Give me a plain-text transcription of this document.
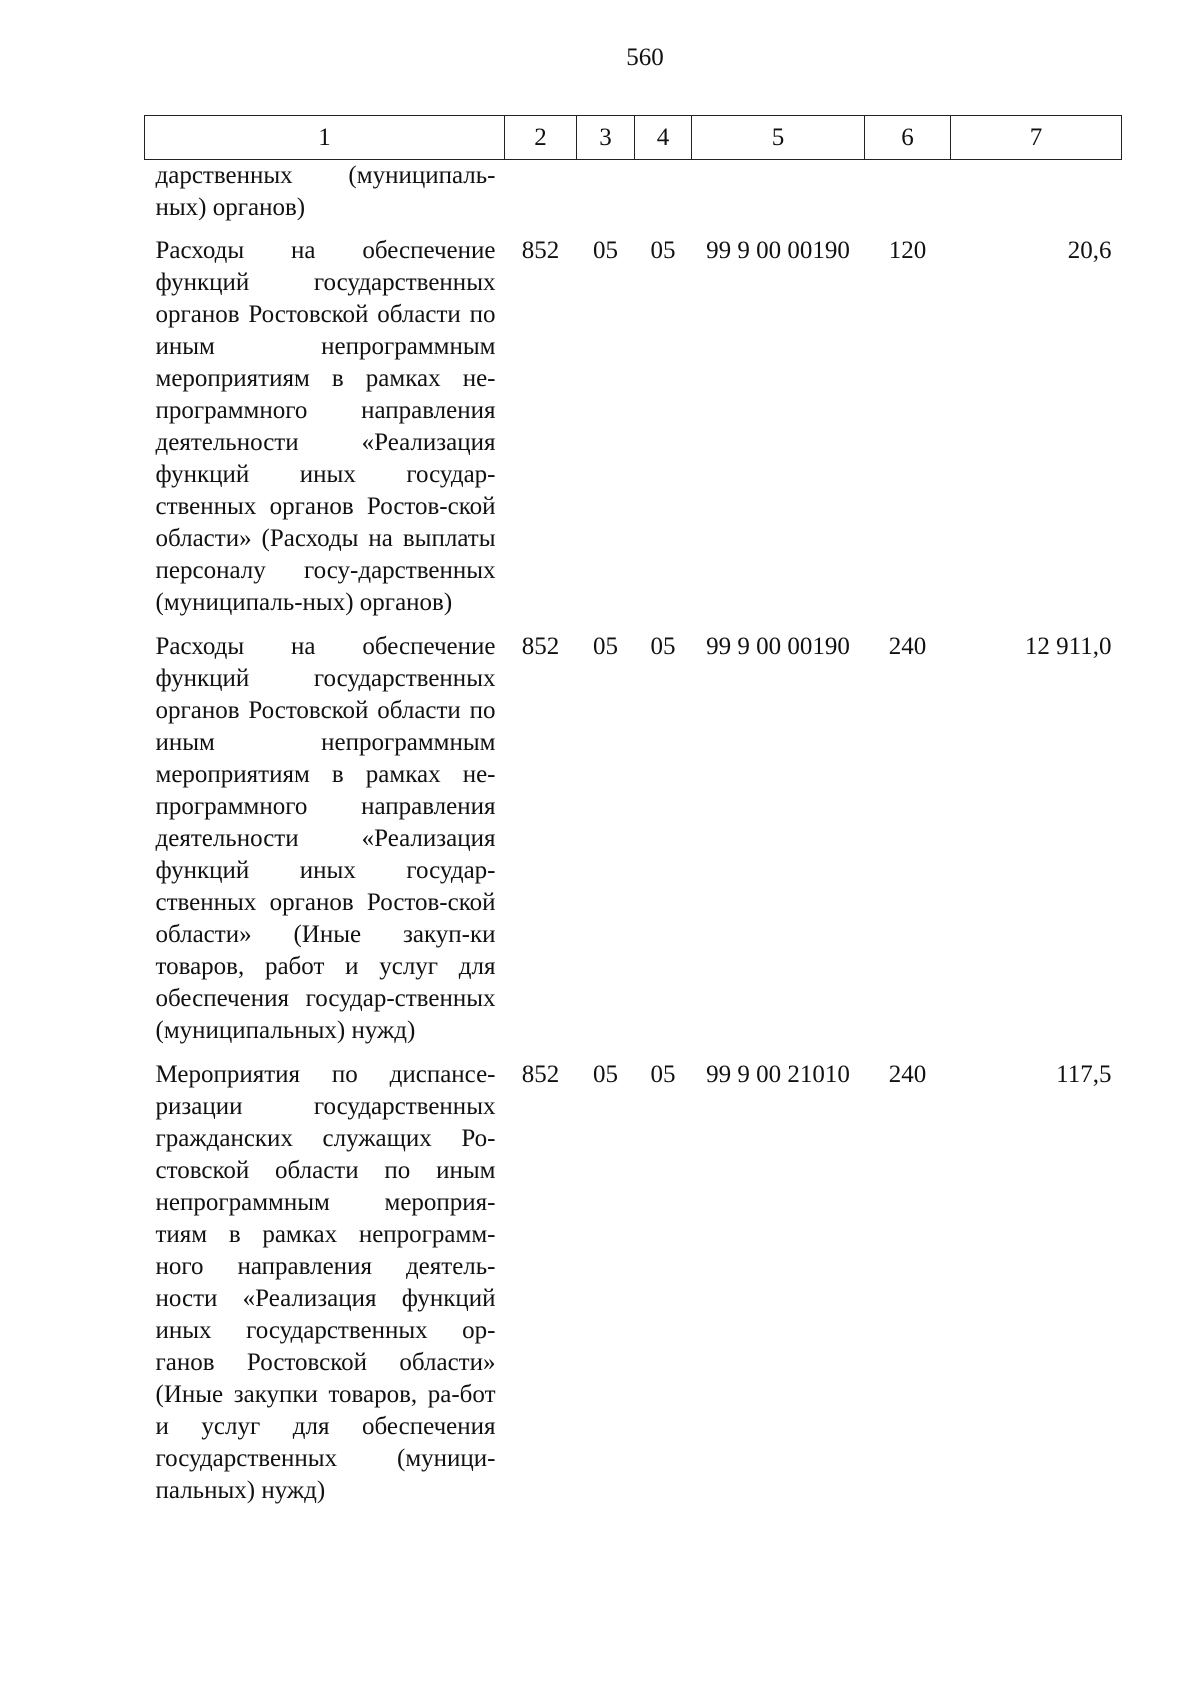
560
1	2	3	4	5	6	7
дарственных (муниципаль-ных) органов)						
Расходы на обеспечение функций государственных органов Ростовской области по иным непрограммным мероприятиям в рамках не-программного направления деятельности «Реализация функций иных государ-ственных органов Ростов-ской области» (Расходы на выплаты персоналу госу-дарственных (муниципаль-ных) органов)	852	05	05	99 9 00 00190	120	20,6
Расходы на обеспечение функций государственных органов Ростовской области по иным непрограммным мероприятиям в рамках не-программного направления деятельности «Реализация функций иных государ-ственных органов Ростов-ской области» (Иные закуп-ки товаров, работ и услуг для обеспечения государ-ственных (муниципальных) нужд)	852	05	05	99 9 00 00190	240	12 911,0
Мероприятия по диспансе-ризации государственных гражданских служащих Ро-стовской области по иным непрограммным мероприя-тиям в рамках непрограмм-ного направления деятель-ности «Реализация функций иных государственных ор-ганов Ростовской области» (Иные закупки товаров, ра-бот и услуг для обеспечения государственных (муници-пальных) нужд)	852	05	05	99 9 00 21010	240	117,5
